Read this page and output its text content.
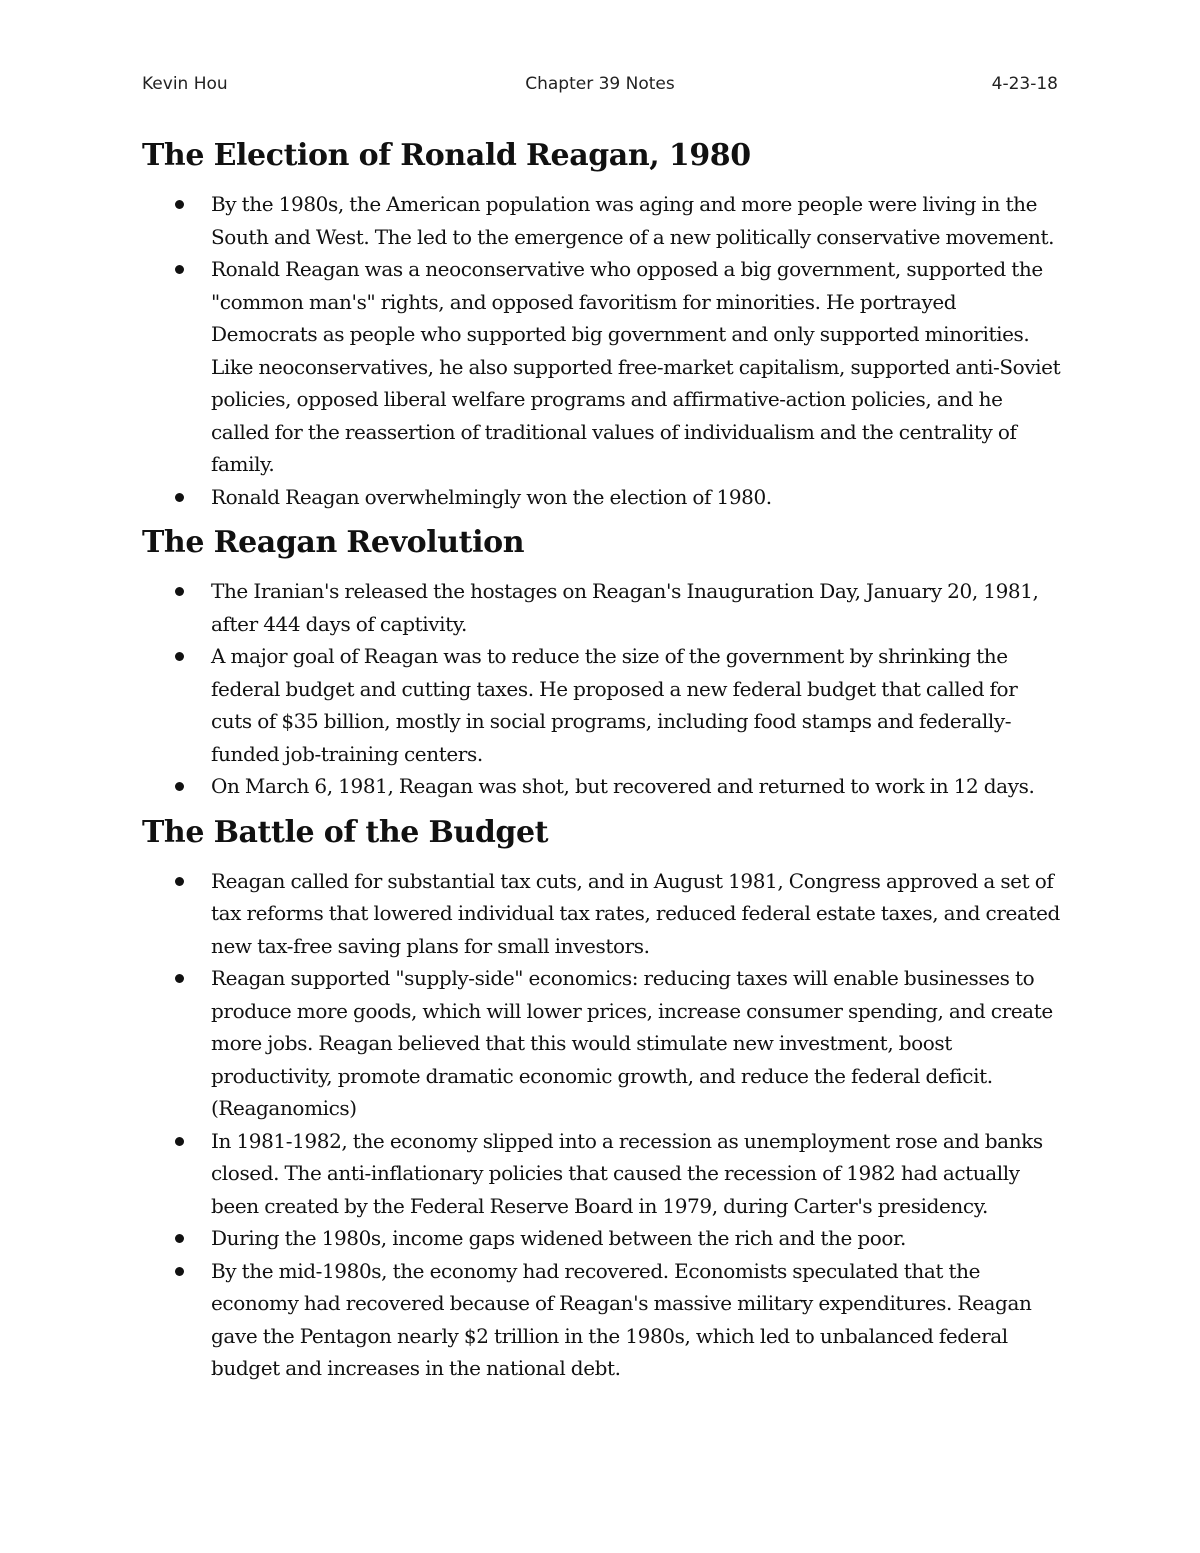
Kevin Hou	Chapter 39 Notes	4-23-18
The Election of Ronald Reagan, 1980
By the 1980s, the American population was aging and more people were living in the South and West. The led to the emergence of a new politically conservative movement.
Ronald Reagan was a neoconservative who opposed a big government, supported the "common man's" rights, and opposed favoritism for minorities. He portrayed Democrats as people who supported big government and only supported minorities. Like neoconservatives, he also supported free-market capitalism, supported anti-Soviet policies, opposed liberal welfare programs and affirmative-action policies, and he called for the reassertion of traditional values of individualism and the centrality of family.
Ronald Reagan overwhelmingly won the election of 1980.
The Reagan Revolution
The Iranian's released the hostages on Reagan's Inauguration Day, January 20, 1981, after 444 days of captivity.
A major goal of Reagan was to reduce the size of the government by shrinking the federal budget and cutting taxes. He proposed a new federal budget that called for cuts of $35 billion, mostly in social programs, including food stamps and federally-funded job-training centers.
On March 6, 1981, Reagan was shot, but recovered and returned to work in 12 days.
The Battle of the Budget
Reagan called for substantial tax cuts, and in August 1981, Congress approved a set of tax reforms that lowered individual tax rates, reduced federal estate taxes, and created new tax-free saving plans for small investors.
Reagan supported "supply-side" economics: reducing taxes will enable businesses to produce more goods, which will lower prices, increase consumer spending, and create more jobs. Reagan believed that this would stimulate new investment, boost productivity, promote dramatic economic growth, and reduce the federal deficit. (Reaganomics)
In 1981-1982, the economy slipped into a recession as unemployment rose and banks closed. The anti-inflationary policies that caused the recession of 1982 had actually been created by the Federal Reserve Board in 1979, during Carter's presidency.
During the 1980s, income gaps widened between the rich and the poor.
By the mid-1980s, the economy had recovered. Economists speculated that the economy had recovered because of Reagan's massive military expenditures. Reagan gave the Pentagon nearly $2 trillion in the 1980s, which led to unbalanced federal budget and increases in the national debt.
